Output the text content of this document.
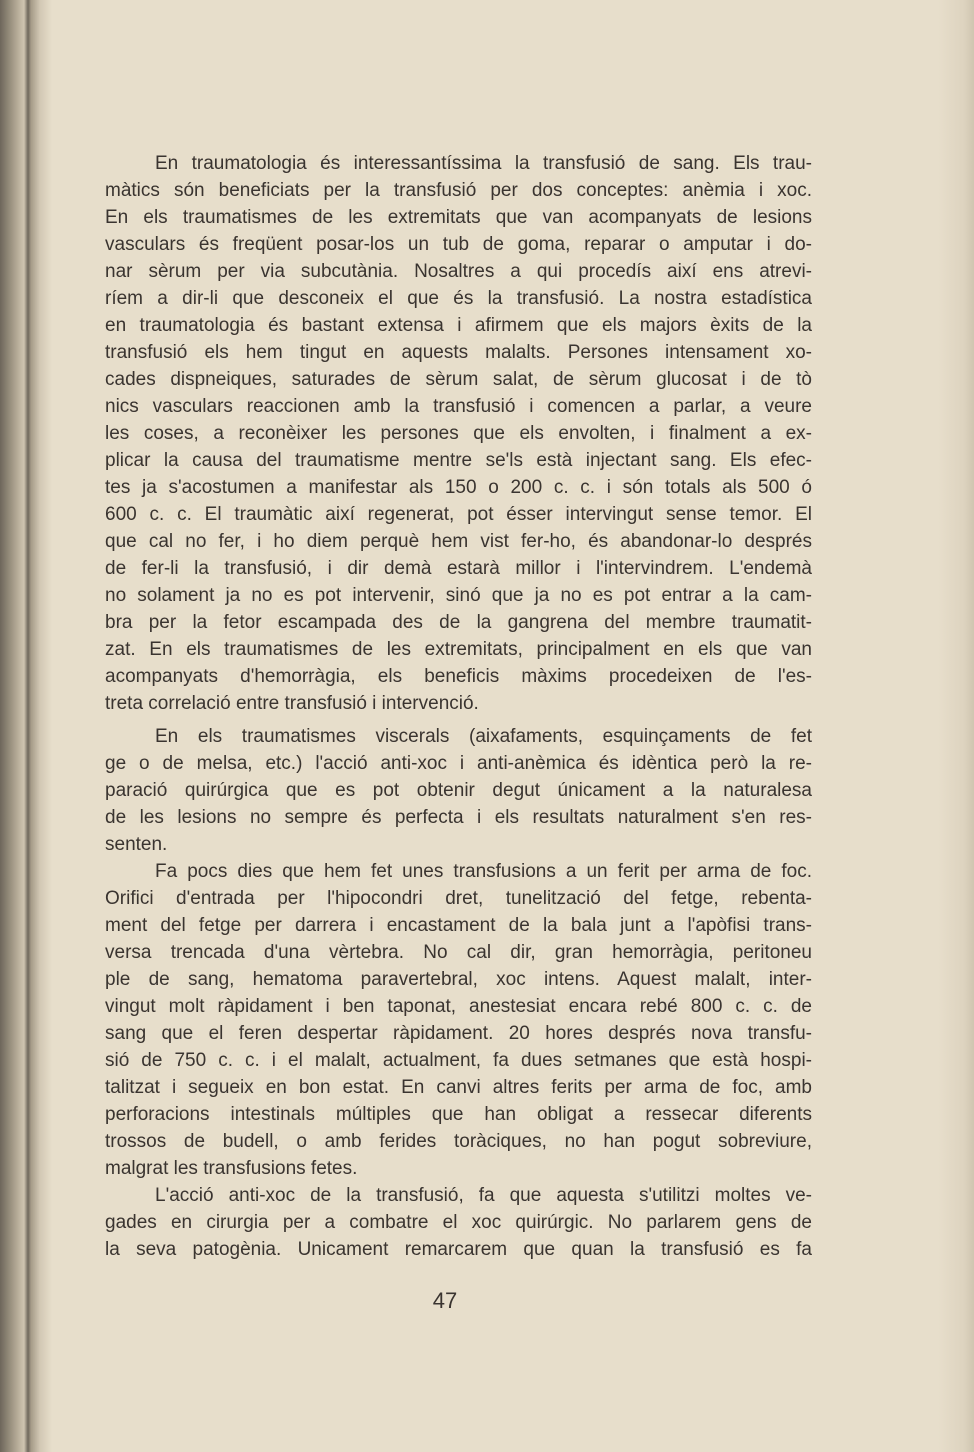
En traumatologia és interessantíssima la transfusió de sang. Els trau-
màtics són beneficiats per la transfusió per dos conceptes: anèmia i xoc.
En els traumatismes de les extremitats que van acompanyats de lesions
vasculars és freqüent posar-los un tub de goma, reparar o amputar i do-
nar sèrum per via subcutània. Nosaltres a qui procedís així ens atrevi-
ríem a dir-li que desconeix el que és la transfusió. La nostra estadística
en traumatologia és bastant extensa i afirmem que els majors èxits de la
transfusió els hem tingut en aquests malalts. Persones intensament xo-
cades dispneiques, saturades de sèrum salat, de sèrum glucosat i de tò
nics vasculars reaccionen amb la transfusió i comencen a parlar, a veure
les coses, a reconèixer les persones que els envolten, i finalment a ex-
plicar la causa del traumatisme mentre se'ls està injectant sang. Els efec-
tes ja s'acostumen a manifestar als 150 o 200 c. c. i són totals als 500 ó
600 c. c. El traumàtic així regenerat, pot ésser intervingut sense temor. El
que cal no fer, i ho diem perquè hem vist fer-ho, és abandonar-lo després
de fer-li la transfusió, i dir demà estarà millor i l'intervindrem. L'endemà
no solament ja no es pot intervenir, sinó que ja no es pot entrar a la cam-
bra per la fetor escampada des de la gangrena del membre traumatit-
zat. En els traumatismes de les extremitats, principalment en els que van
acompanyats d'hemorràgia, els beneficis màxims procedeixen de l'es-
treta correlació entre transfusió i intervenció.
En els traumatismes viscerals (aixafaments, esquinçaments de fet
ge o de melsa, etc.) l'acció anti-xoc i anti-anèmica és idèntica però la re-
paració quirúrgica que es pot obtenir degut únicament a la naturalesa
de les lesions no sempre és perfecta i els resultats naturalment s'en res-
senten.
Fa pocs dies que hem fet unes transfusions a un ferit per arma de foc.
Orifici d'entrada per l'hipocondri dret, tunelització del fetge, rebenta-
ment del fetge per darrera i encastament de la bala junt a l'apòfisi trans-
versa trencada d'una vèrtebra. No cal dir, gran hemorràgia, peritoneu
ple de sang, hematoma paravertebral, xoc intens. Aquest malalt, inter-
vingut molt ràpidament i ben taponat, anestesiat encara rebé 800 c. c. de
sang que el feren despertar ràpidament. 20 hores després nova transfu-
sió de 750 c. c. i el malalt, actualment, fa dues setmanes que està hospi-
talitzat i segueix en bon estat. En canvi altres ferits per arma de foc, amb
perforacions intestinals múltiples que han obligat a ressecar diferents
trossos de budell, o amb ferides toràciques, no han pogut sobreviure,
malgrat les transfusions fetes.
L'acció anti-xoc de la transfusió, fa que aquesta s'utilitzi moltes ve-
gades en cirurgia per a combatre el xoc quirúrgic. No parlarem gens de
la seva patogènia. Unicament remarcarem que quan la transfusió es fa
47
